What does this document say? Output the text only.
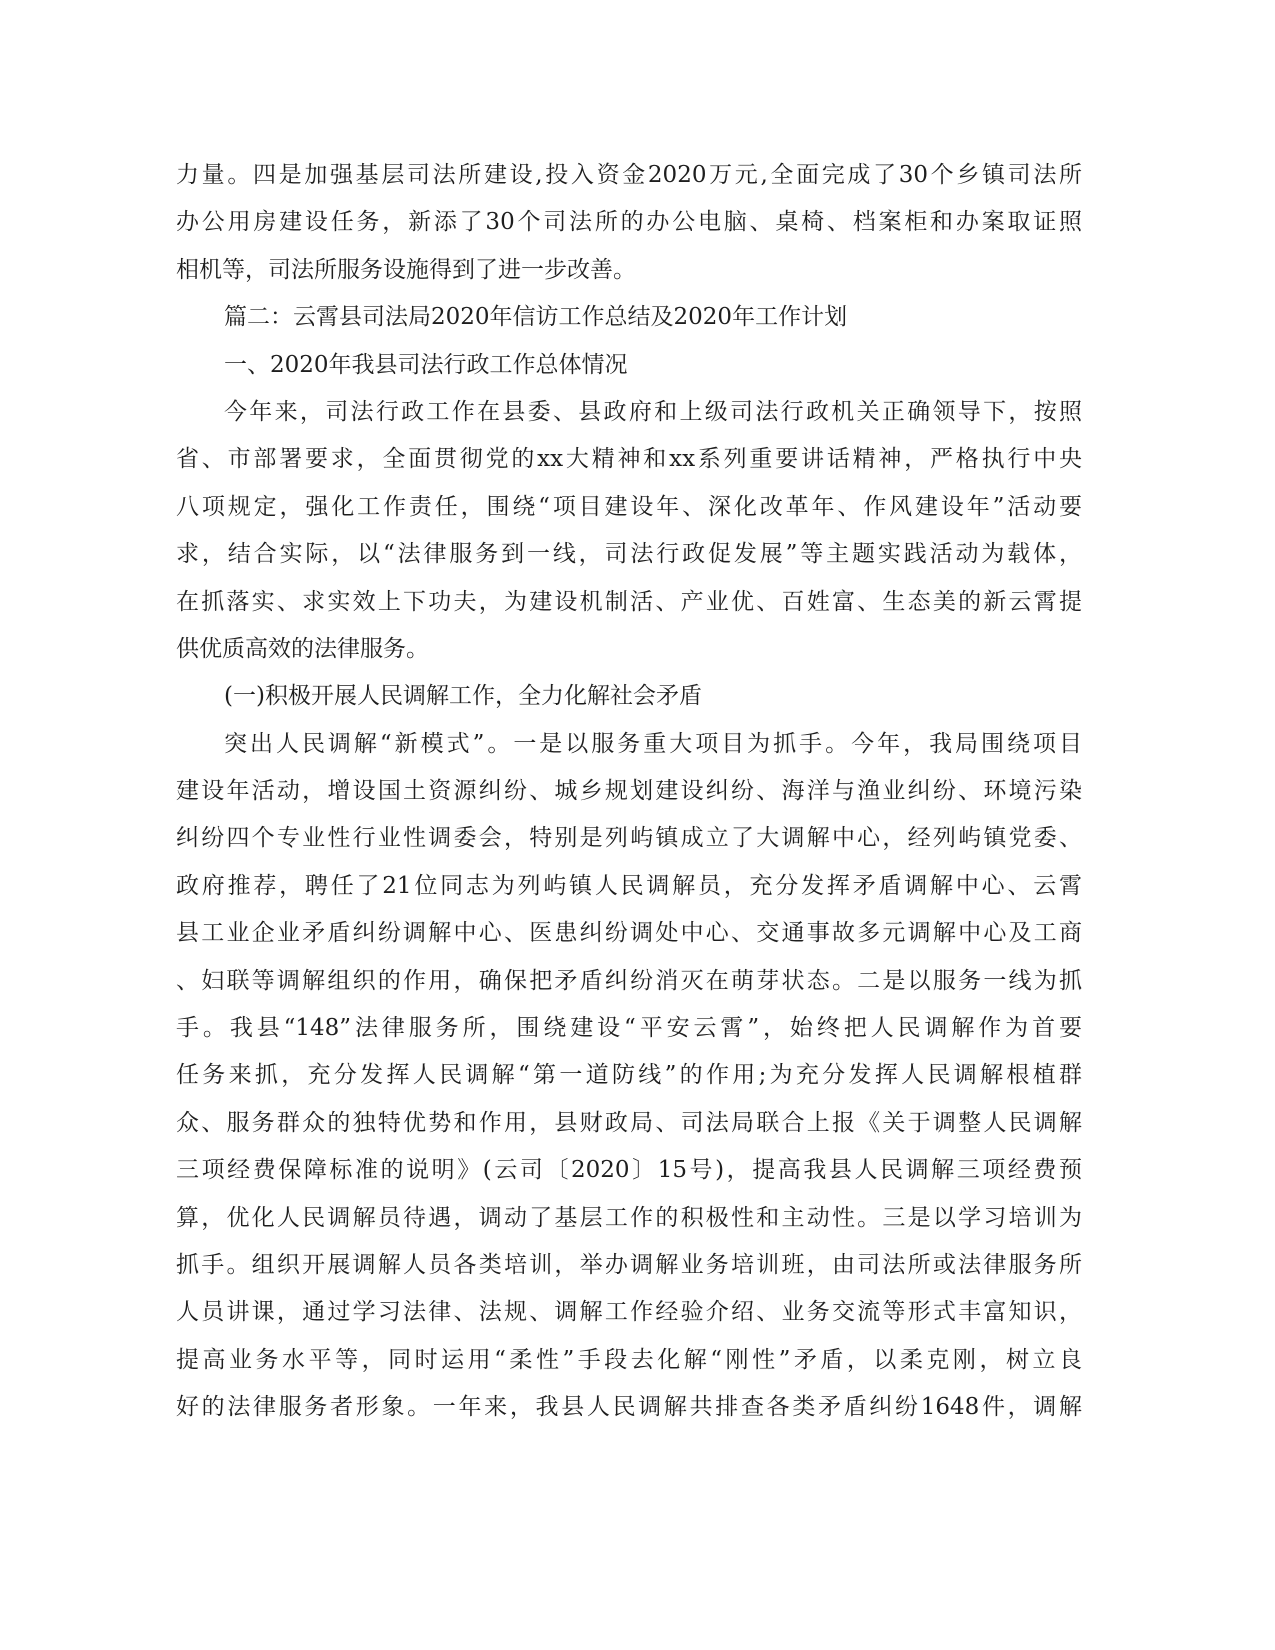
力量。四是加强基层司法所建设,投入资金2020万元,全面完成了30个乡镇司法所
办公用房建设任务，新添了30个司法所的办公电脑、桌椅、档案柜和办案取证照
相机等，司法所服务设施得到了进一步改善。
篇二：云霄县司法局2020年信访工作总结及2020年工作计划
一、2020年我县司法行政工作总体情况
今年来，司法行政工作在县委、县政府和上级司法行政机关正确领导下，按照
省、市部署要求，全面贯彻党的xx大精神和xx系列重要讲话精神，严格执行中央
八项规定，强化工作责任，围绕“项目建设年、深化改革年、作风建设年”活动要
求，结合实际，以“法律服务到一线，司法行政促发展”等主题实践活动为载体，
在抓落实、求实效上下功夫，为建设机制活、产业优、百姓富、生态美的新云霄提
供优质高效的法律服务。
(一)积极开展人民调解工作，全力化解社会矛盾
突出人民调解“新模式”。一是以服务重大项目为抓手。今年，我局围绕项目
建设年活动，增设国土资源纠纷、城乡规划建设纠纷、海洋与渔业纠纷、环境污染
纠纷四个专业性行业性调委会，特别是列屿镇成立了大调解中心，经列屿镇党委、
政府推荐，聘任了21位同志为列屿镇人民调解员，充分发挥矛盾调解中心、云霄
县工业企业矛盾纠纷调解中心、医患纠纷调处中心、交通事故多元调解中心及工商
、妇联等调解组织的作用，确保把矛盾纠纷消灭在萌芽状态。二是以服务一线为抓
手。我县“148”法律服务所，围绕建设“平安云霄”，始终把人民调解作为首要
任务来抓，充分发挥人民调解“第一道防线”的作用;为充分发挥人民调解根植群
众、服务群众的独特优势和作用，县财政局、司法局联合上报《关于调整人民调解
三项经费保障标准的说明》(云司〔2020〕15号)，提高我县人民调解三项经费预
算，优化人民调解员待遇，调动了基层工作的积极性和主动性。三是以学习培训为
抓手。组织开展调解人员各类培训，举办调解业务培训班，由司法所或法律服务所
人员讲课，通过学习法律、法规、调解工作经验介绍、业务交流等形式丰富知识，
提高业务水平等，同时运用“柔性”手段去化解“刚性”矛盾，以柔克刚，树立良
好的法律服务者形象。一年来，我县人民调解共排查各类矛盾纠纷1648件，调解
